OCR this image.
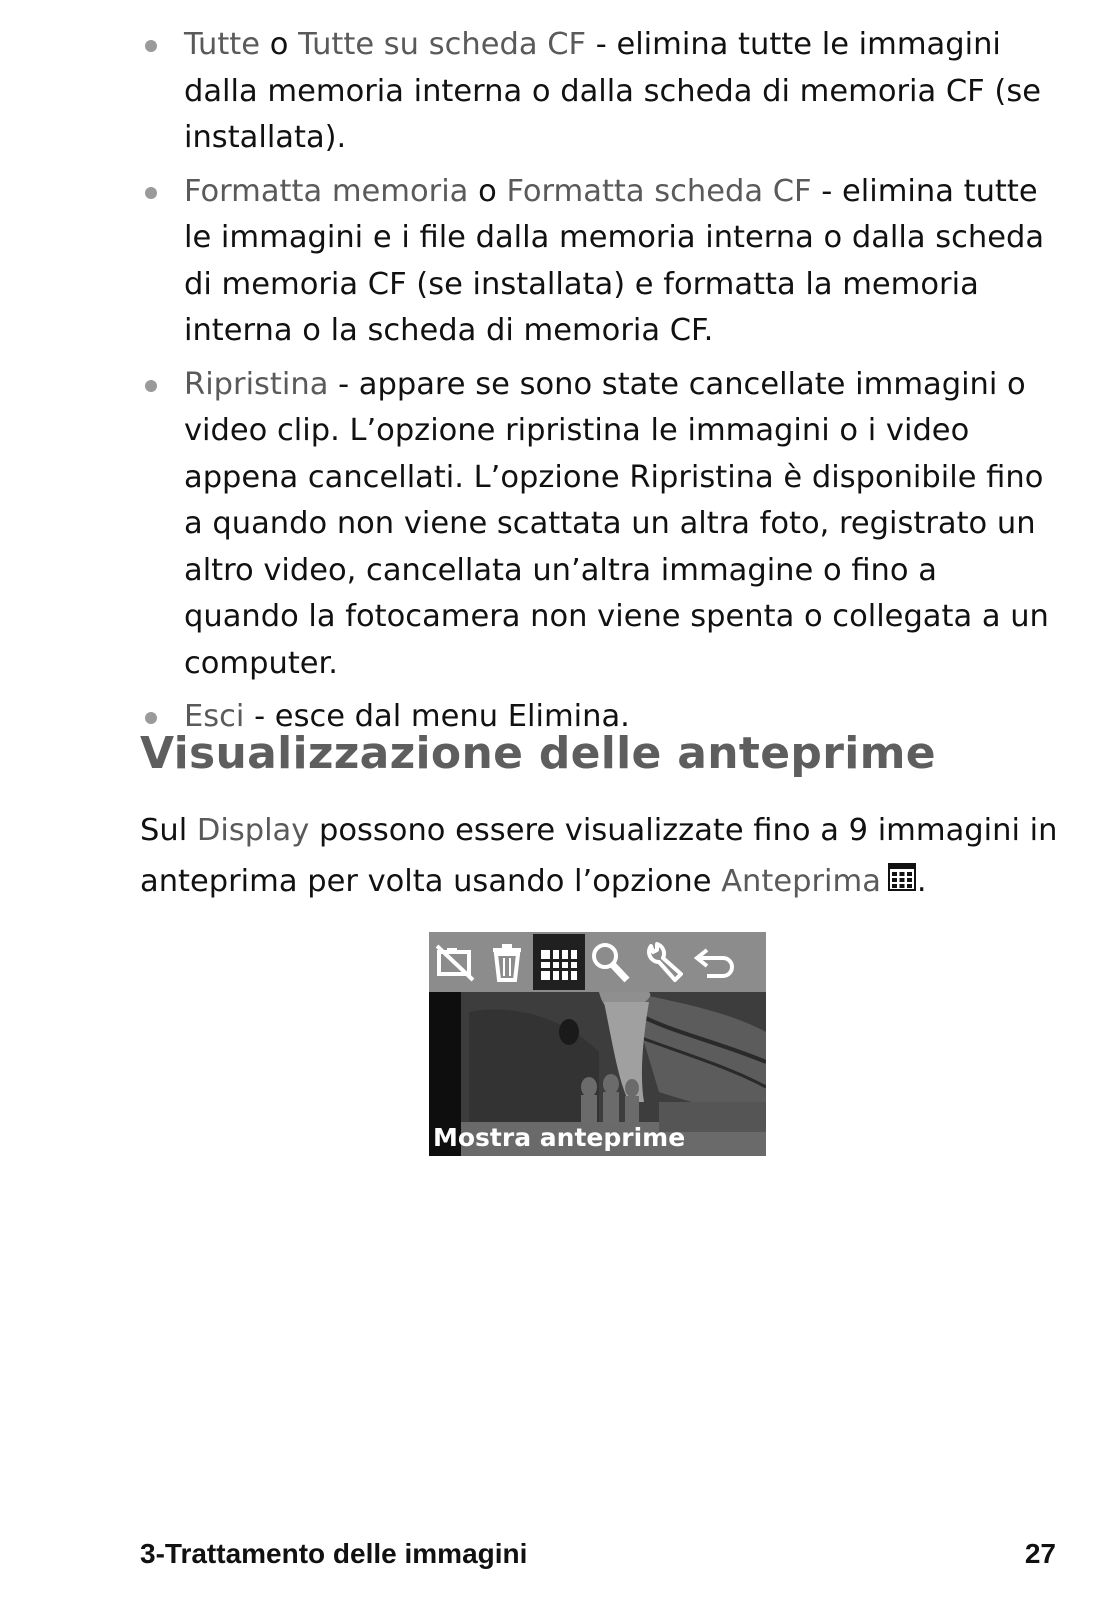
Tutte o Tutte su scheda CF - elimina tutte le immagini dalla memoria interna o dalla scheda di memoria CF (se installata).
Formatta memoria o Formatta scheda CF - elimina tutte le immagini e i file dalla memoria interna o dalla scheda di memoria CF (se installata) e formatta la memoria interna o la scheda di memoria CF.
Ripristina - appare se sono state cancellate immagini o video clip. L’opzione ripristina le immagini o i video appena cancellati. L’opzione Ripristina è disponibile fino a quando non viene scattata un altra foto, registrato un altro video, cancellata un’altra immagine o fino a quando la fotocamera non viene spenta o collegata a un computer.
Esci - esce dal menu Elimina.
Visualizzazione delle anteprime

Sul Display possono essere visualizzate fino a 9 immagini in anteprima per volta usando l’opzione Anteprima .

Mostra anteprime
3-Trattamento delle immagini	27
